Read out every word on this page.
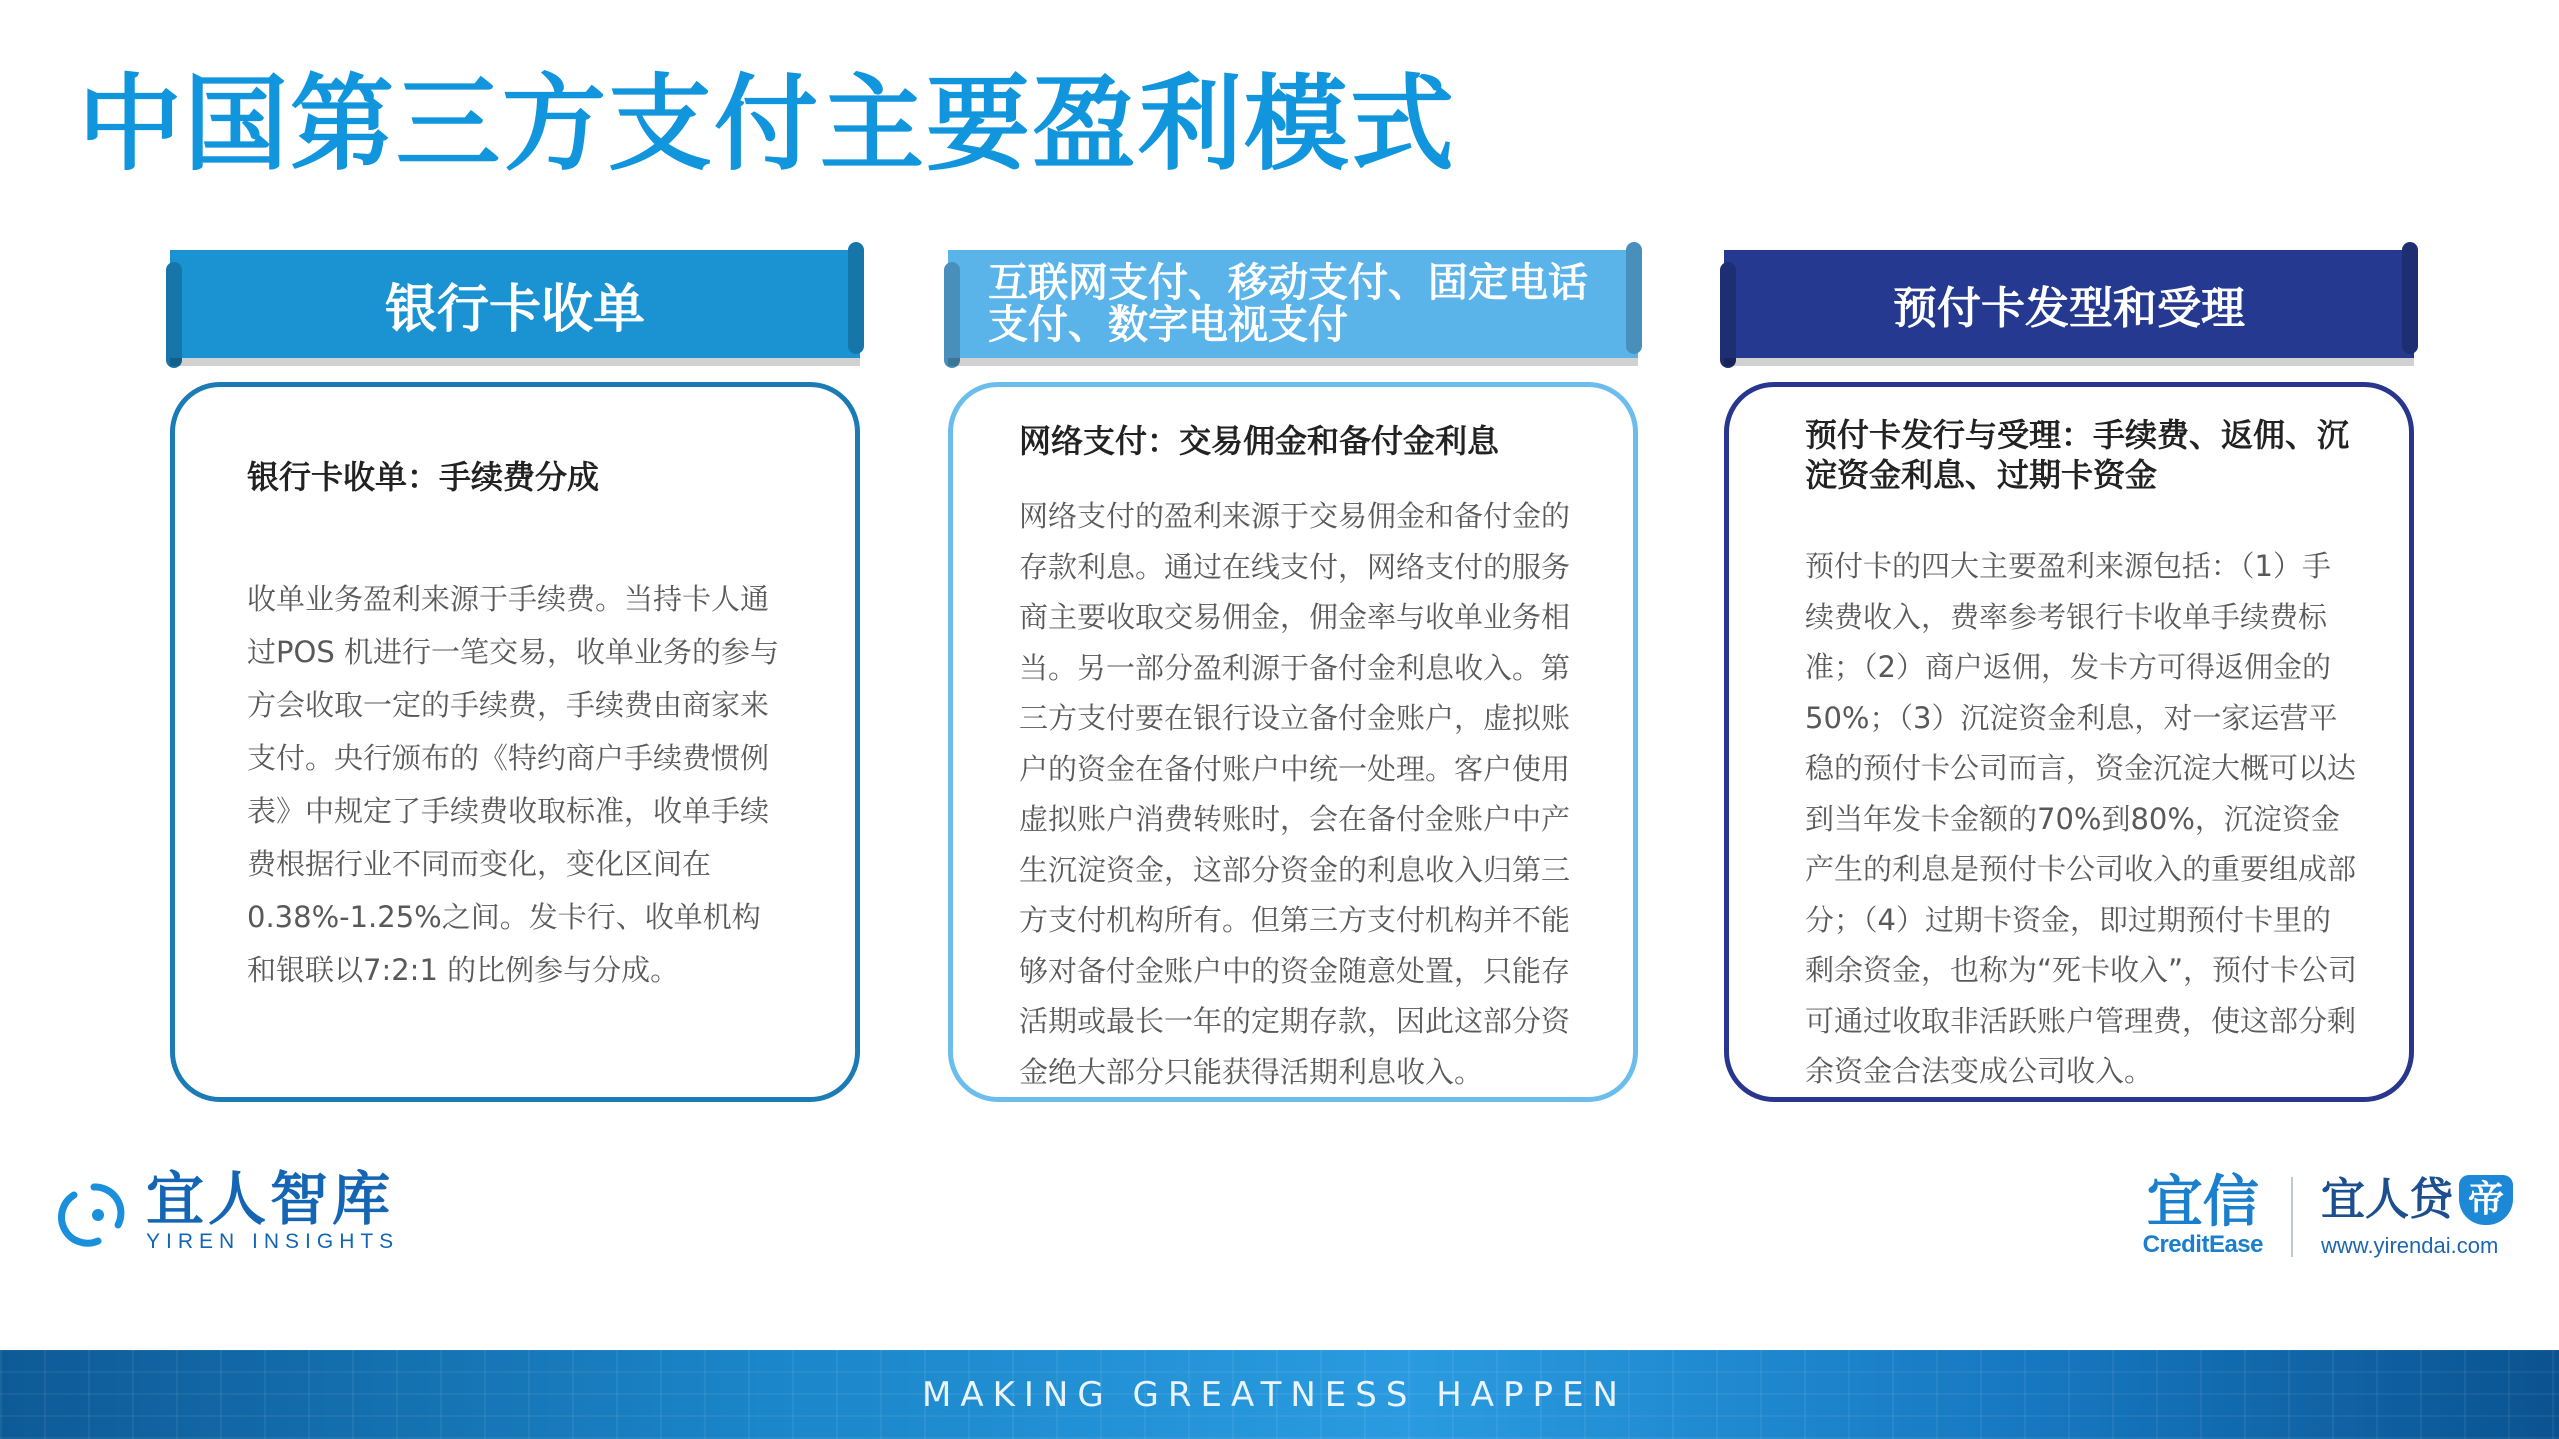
中国第三方支付主要盈利模式
银行卡收单
银行卡收单：手续费分成

收单业务盈利来源于手续费。当持卡人通过POS 机进行一笔交易，收单业务的参与方会收取一定的手续费，手续费由商家来支付。央行颁布的《特约商户手续费惯例表》中规定了手续费收取标准，收单手续费根据行业不同而变化，变化区间在0.38%-1.25%之间。发卡行、收单机构和银联以7:2:1 的比例参与分成。

互联网支付、移动支付、固定电话支付、数字电视支付
网络支付：交易佣金和备付金利息

网络支付的盈利来源于交易佣金和备付金的存款利息。通过在线支付，网络支付的服务商主要收取交易佣金，佣金率与收单业务相当。另一部分盈利源于备付金利息收入。第三方支付要在银行设立备付金账户，虚拟账户的资金在备付账户中统一处理。客户使用虚拟账户消费转账时，会在备付金账户中产生沉淀资金，这部分资金的利息收入归第三方支付机构所有。但第三方支付机构并不能够对备付金账户中的资金随意处置，只能存活期或最长一年的定期存款，因此这部分资金绝大部分只能获得活期利息收入。

预付卡发型和受理
预付卡发行与受理：手续费、返佣、沉淀资金利息、过期卡资金

预付卡的四大主要盈利来源包括：（1）手续费收入，费率参考银行卡收单手续费标准；（2）商户返佣，发卡方可得返佣金的50%；（3）沉淀资金利息，对一家运营平稳的预付卡公司而言，资金沉淀大概可以达到当年发卡金额的70%到80%，沉淀资金产生的利息是预付卡公司收入的重要组成部分；（4）过期卡资金，即过期预付卡里的剩余资金，也称为“死卡收入”，预付卡公司可通过收取非活跃账户管理费，使这部分剩余资金合法变成公司收入。

宜人智库
YIREN INSIGHTS
宜信
CreditEase
宜人贷 帝
www.yirendai.com
MAKING GREATNESS HAPPEN
